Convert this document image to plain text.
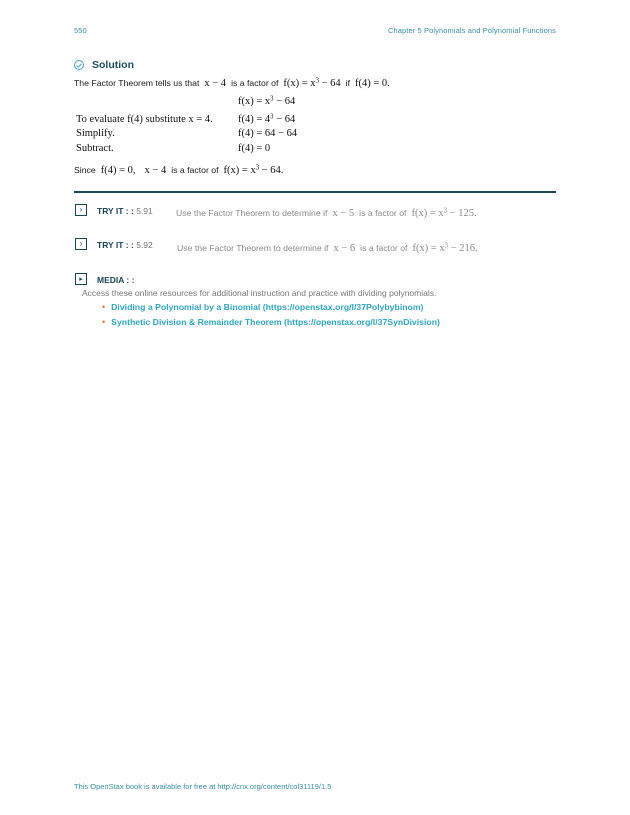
550	Chapter 5 Polynomials and Polynomial Functions
Solution
The Factor Theorem tells us that x − 4 is a factor of $f(x) = x^3 - 64$ if f(4) = 0.
$f(x) = x^3 - 64$
To evaluate f(4) substitute x = 4. $f(4) = 4^3 - 64$
Simplify.	f(4) = 64 − 64
Subtract.	f(4) = 0
Since f(4) = 0, x − 4 is a factor of $f(x) = x^3 - 64$.
›	TRY IT : : 5.91	Use the Factor Theorem to determine if x − 5 is a factor of $f(x) = x^3 - 125$.
›	TRY IT : : 5.92	Use the Factor Theorem to determine if x − 6 is a factor of $f(x) = x^3 - 216$.
▸	MEDIA : :
Access these online resources for additional instruction and practice with dividing polynomials.
• Dividing a Polynomial by a Binomial (https://openstax.org/l/37Polybybinom)
• Synthetic Division & Remainder Theorem (https://openstax.org/l/37SynDivision)
This OpenStax book is available for free at http://cnx.org/content/col31119/1.5
